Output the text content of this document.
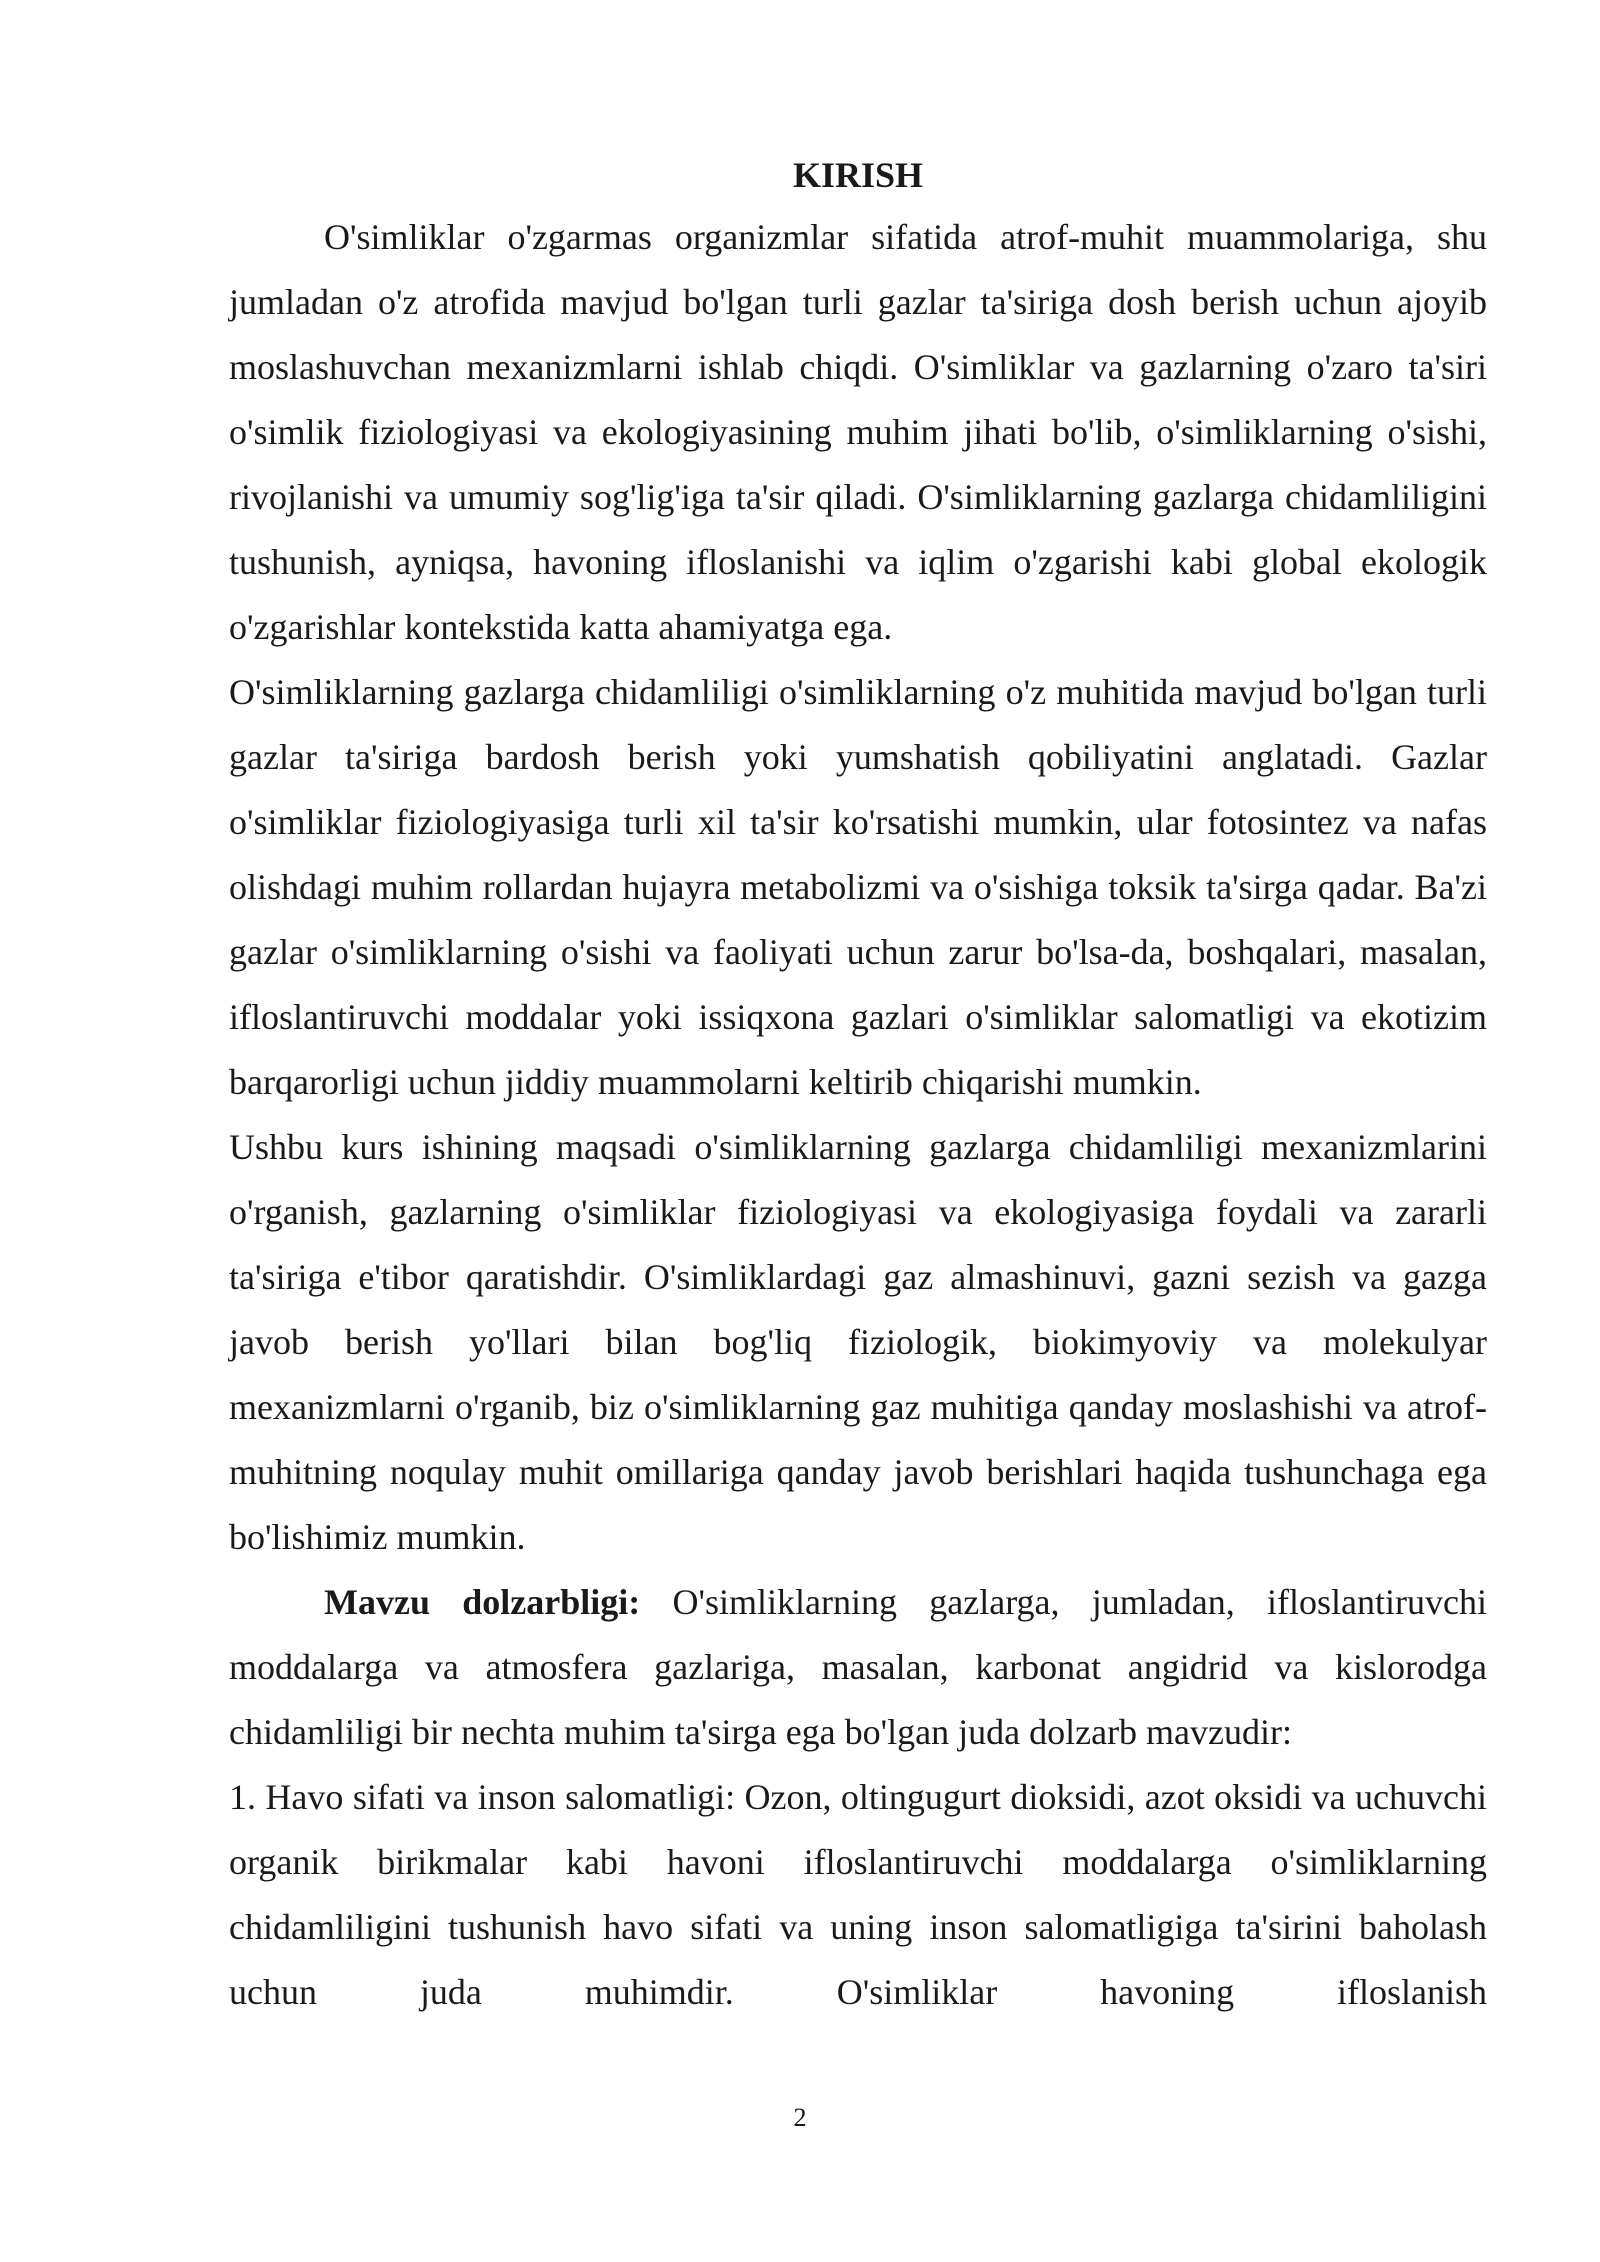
KIRISH

O'simliklar o'zgarmas organizmlar sifatida atrof-muhit muammolariga, shu jumladan o'z atrofida mavjud bo'lgan turli gazlar ta'siriga dosh berish uchun ajoyib moslashuvchan mexanizmlarni ishlab chiqdi. O'simliklar va gazlarning o'zaro ta'siri o'simlik fiziologiyasi va ekologiyasining muhim jihati bo'lib, o'simliklarning o'sishi, rivojlanishi va umumiy sog'lig'iga ta'sir qiladi. O'simliklarning gazlarga chidamliligini tushunish, ayniqsa, havoning ifloslanishi va iqlim o'zgarishi kabi global ekologik o'zgarishlar kontekstida katta ahamiyatga ega.

O'simliklarning gazlarga chidamliligi o'simliklarning o'z muhitida mavjud bo'lgan turli gazlar ta'siriga bardosh berish yoki yumshatish qobiliyatini anglatadi. Gazlar o'simliklar fiziologiyasiga turli xil ta'sir ko'rsatishi mumkin, ular fotosintez va nafas olishdagi muhim rollardan hujayra metabolizmi va o'sishiga toksik ta'sirga qadar. Ba'zi gazlar o'simliklarning o'sishi va faoliyati uchun zarur bo'lsa-da, boshqalari, masalan, ifloslantiruvchi moddalar yoki issiqxona gazlari o'simliklar salomatligi va ekotizim barqarorligi uchun jiddiy muammolarni keltirib chiqarishi mumkin.

Ushbu kurs ishining maqsadi o'simliklarning gazlarga chidamliligi mexanizmlarini o'rganish, gazlarning o'simliklar fiziologiyasi va ekologiyasiga foydali va zararli ta'siriga e'tibor qaratishdir. O'simliklardagi gaz almashinuvi, gazni sezish va gazga javob berish yo'llari bilan bog'liq fiziologik, biokimyoviy va molekulyar mexanizmlarni o'rganib, biz o'simliklarning gaz muhitiga qanday moslashishi va atrof-muhitning noqulay muhit omillariga qanday javob berishlari haqida tushunchaga ega bo'lishimiz mumkin.

Mavzu dolzarbligi: O'simliklarning gazlarga, jumladan, ifloslantiruvchi moddalarga va atmosfera gazlariga, masalan, karbonat angidrid va kislorodga chidamliligi bir nechta muhim ta'sirga ega bo'lgan juda dolzarb mavzudir:

1. Havo sifati va inson salomatligi: Ozon, oltingugurt dioksidi, azot oksidi va uchuvchi organik birikmalar kabi havoni ifloslantiruvchi moddalarga o'simliklarning chidamliligini tushunish havo sifati va uning inson salomatligiga ta'sirini baholash uchun juda muhimdir. O'simliklar havoning ifloslanish

2
